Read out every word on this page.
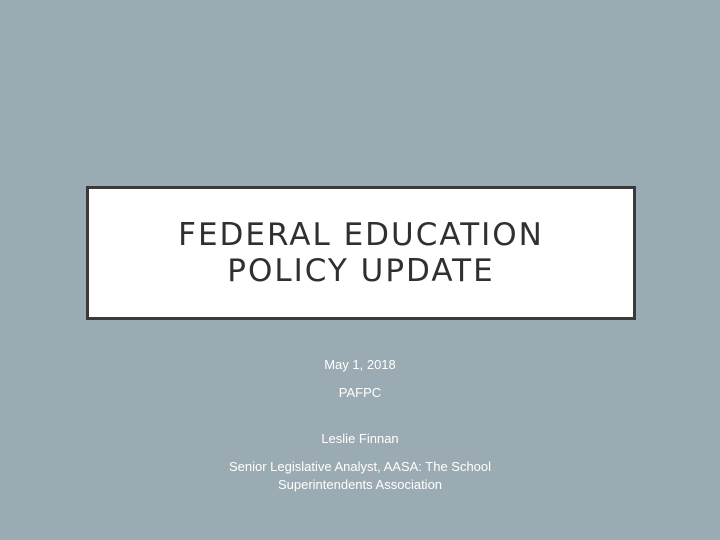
FEDERAL EDUCATION
POLICY UPDATE

May 1, 2018

PAFPC

Leslie Finnan

Senior Legislative Analyst, AASA: The School

Superintendents Association
